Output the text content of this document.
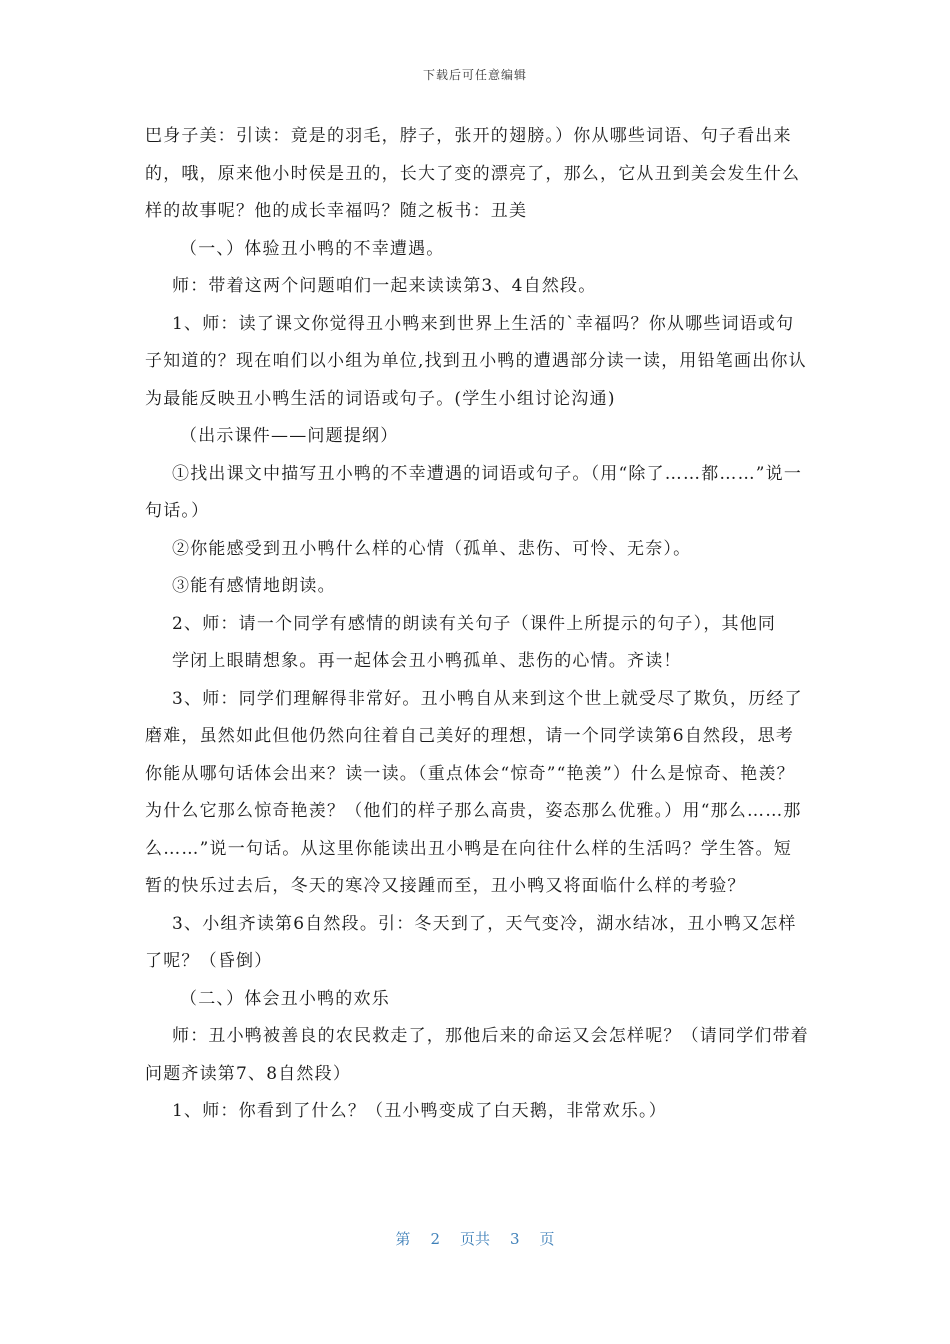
下载后可任意编辑

巴身子美：引读：竟是的羽毛，脖子，张开的翅膀。）你从哪些词语、句子看出来的，哦，原来他小时侯是丑的，长大了变的漂亮了，那么，它从丑到美会发生什么样的故事呢？他的成长幸福吗？随之板书：丑美

（一、）体验丑小鸭的不幸遭遇。

师：带着这两个问题咱们一起来读读第3、4自然段。

1、师：读了课文你觉得丑小鸭来到世界上生活的`幸福吗？你从哪些词语或句子知道的？现在咱们以小组为单位,找到丑小鸭的遭遇部分读一读，用铅笔画出你认为最能反映丑小鸭生活的词语或句子。(学生小组讨论沟通)

（出示课件——问题提纲）

①找出课文中描写丑小鸭的不幸遭遇的词语或句子。（用“除了……都……”说一句话。）

②你能感受到丑小鸭什么样的心情（孤单、悲伤、可怜、无奈）。

③能有感情地朗读。

2、师：请一个同学有感情的朗读有关句子（课件上所提示的句子），其他同

学闭上眼睛想象。再一起体会丑小鸭孤单、悲伤的心情。齐读！

3、师：同学们理解得非常好。丑小鸭自从来到这个世上就受尽了欺负，历经了磨难，虽然如此但他仍然向往着自己美好的理想，请一个同学读第6自然段，思考你能从哪句话体会出来？读一读。（重点体会“惊奇”“艳羡”）什么是惊奇、艳羡？为什么它那么惊奇艳羡？（他们的样子那么高贵，姿态那么优雅。）用“那么……那么……”说一句话。从这里你能读出丑小鸭是在向往什么样的生活吗？学生答。短暂的快乐过去后，冬天的寒冷又接踵而至，丑小鸭又将面临什么样的考验？

3、小组齐读第6自然段。引：冬天到了，天气变冷，湖水结冰，丑小鸭又怎样了呢？（昏倒）

（二、）体会丑小鸭的欢乐

师：丑小鸭被善良的农民救走了，那他后来的命运又会怎样呢？（请同学们带着问题齐读第7、8自然段）

1、师：你看到了什么？（丑小鸭变成了白天鹅，非常欢乐。）

第 2 页共 3 页
